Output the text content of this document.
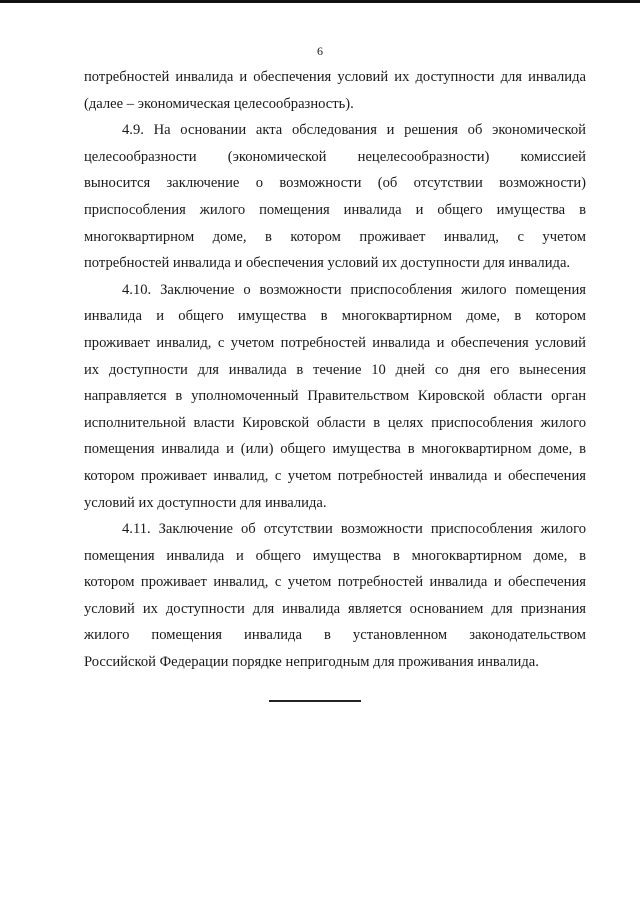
6

потребностей инвалида и обеспечения условий их доступности для инвалида
(далее – экономическая целесообразность).

4.9. На основании акта обследования и решения об экономической
целесообразности (экономической нецелесообразности) комиссией
выносится заключение о возможности (об отсутствии возможности)
приспособления жилого помещения инвалида и общего имущества в
многоквартирном доме, в котором проживает инвалид, с учетом
потребностей инвалида и обеспечения условий их доступности для инвалида.

4.10. Заключение о возможности приспособления жилого помещения
инвалида и общего имущества в многоквартирном доме, в котором
проживает инвалид, с учетом потребностей инвалида и обеспечения условий
их доступности для инвалида в течение 10 дней со дня его вынесения
направляется в уполномоченный Правительством Кировской области орган
исполнительной власти Кировской области в целях приспособления жилого
помещения инвалида и (или) общего имущества в многоквартирном доме, в
котором проживает инвалид, с учетом потребностей инвалида и обеспечения
условий их доступности для инвалида.

4.11. Заключение об отсутствии возможности приспособления жилого
помещения инвалида и общего имущества в многоквартирном доме, в
котором проживает инвалид, с учетом потребностей инвалида и обеспечения
условий их доступности для инвалида является основанием для признания
жилого помещения инвалида в установленном законодательством
Российской Федерации порядке непригодным для проживания инвалида.
